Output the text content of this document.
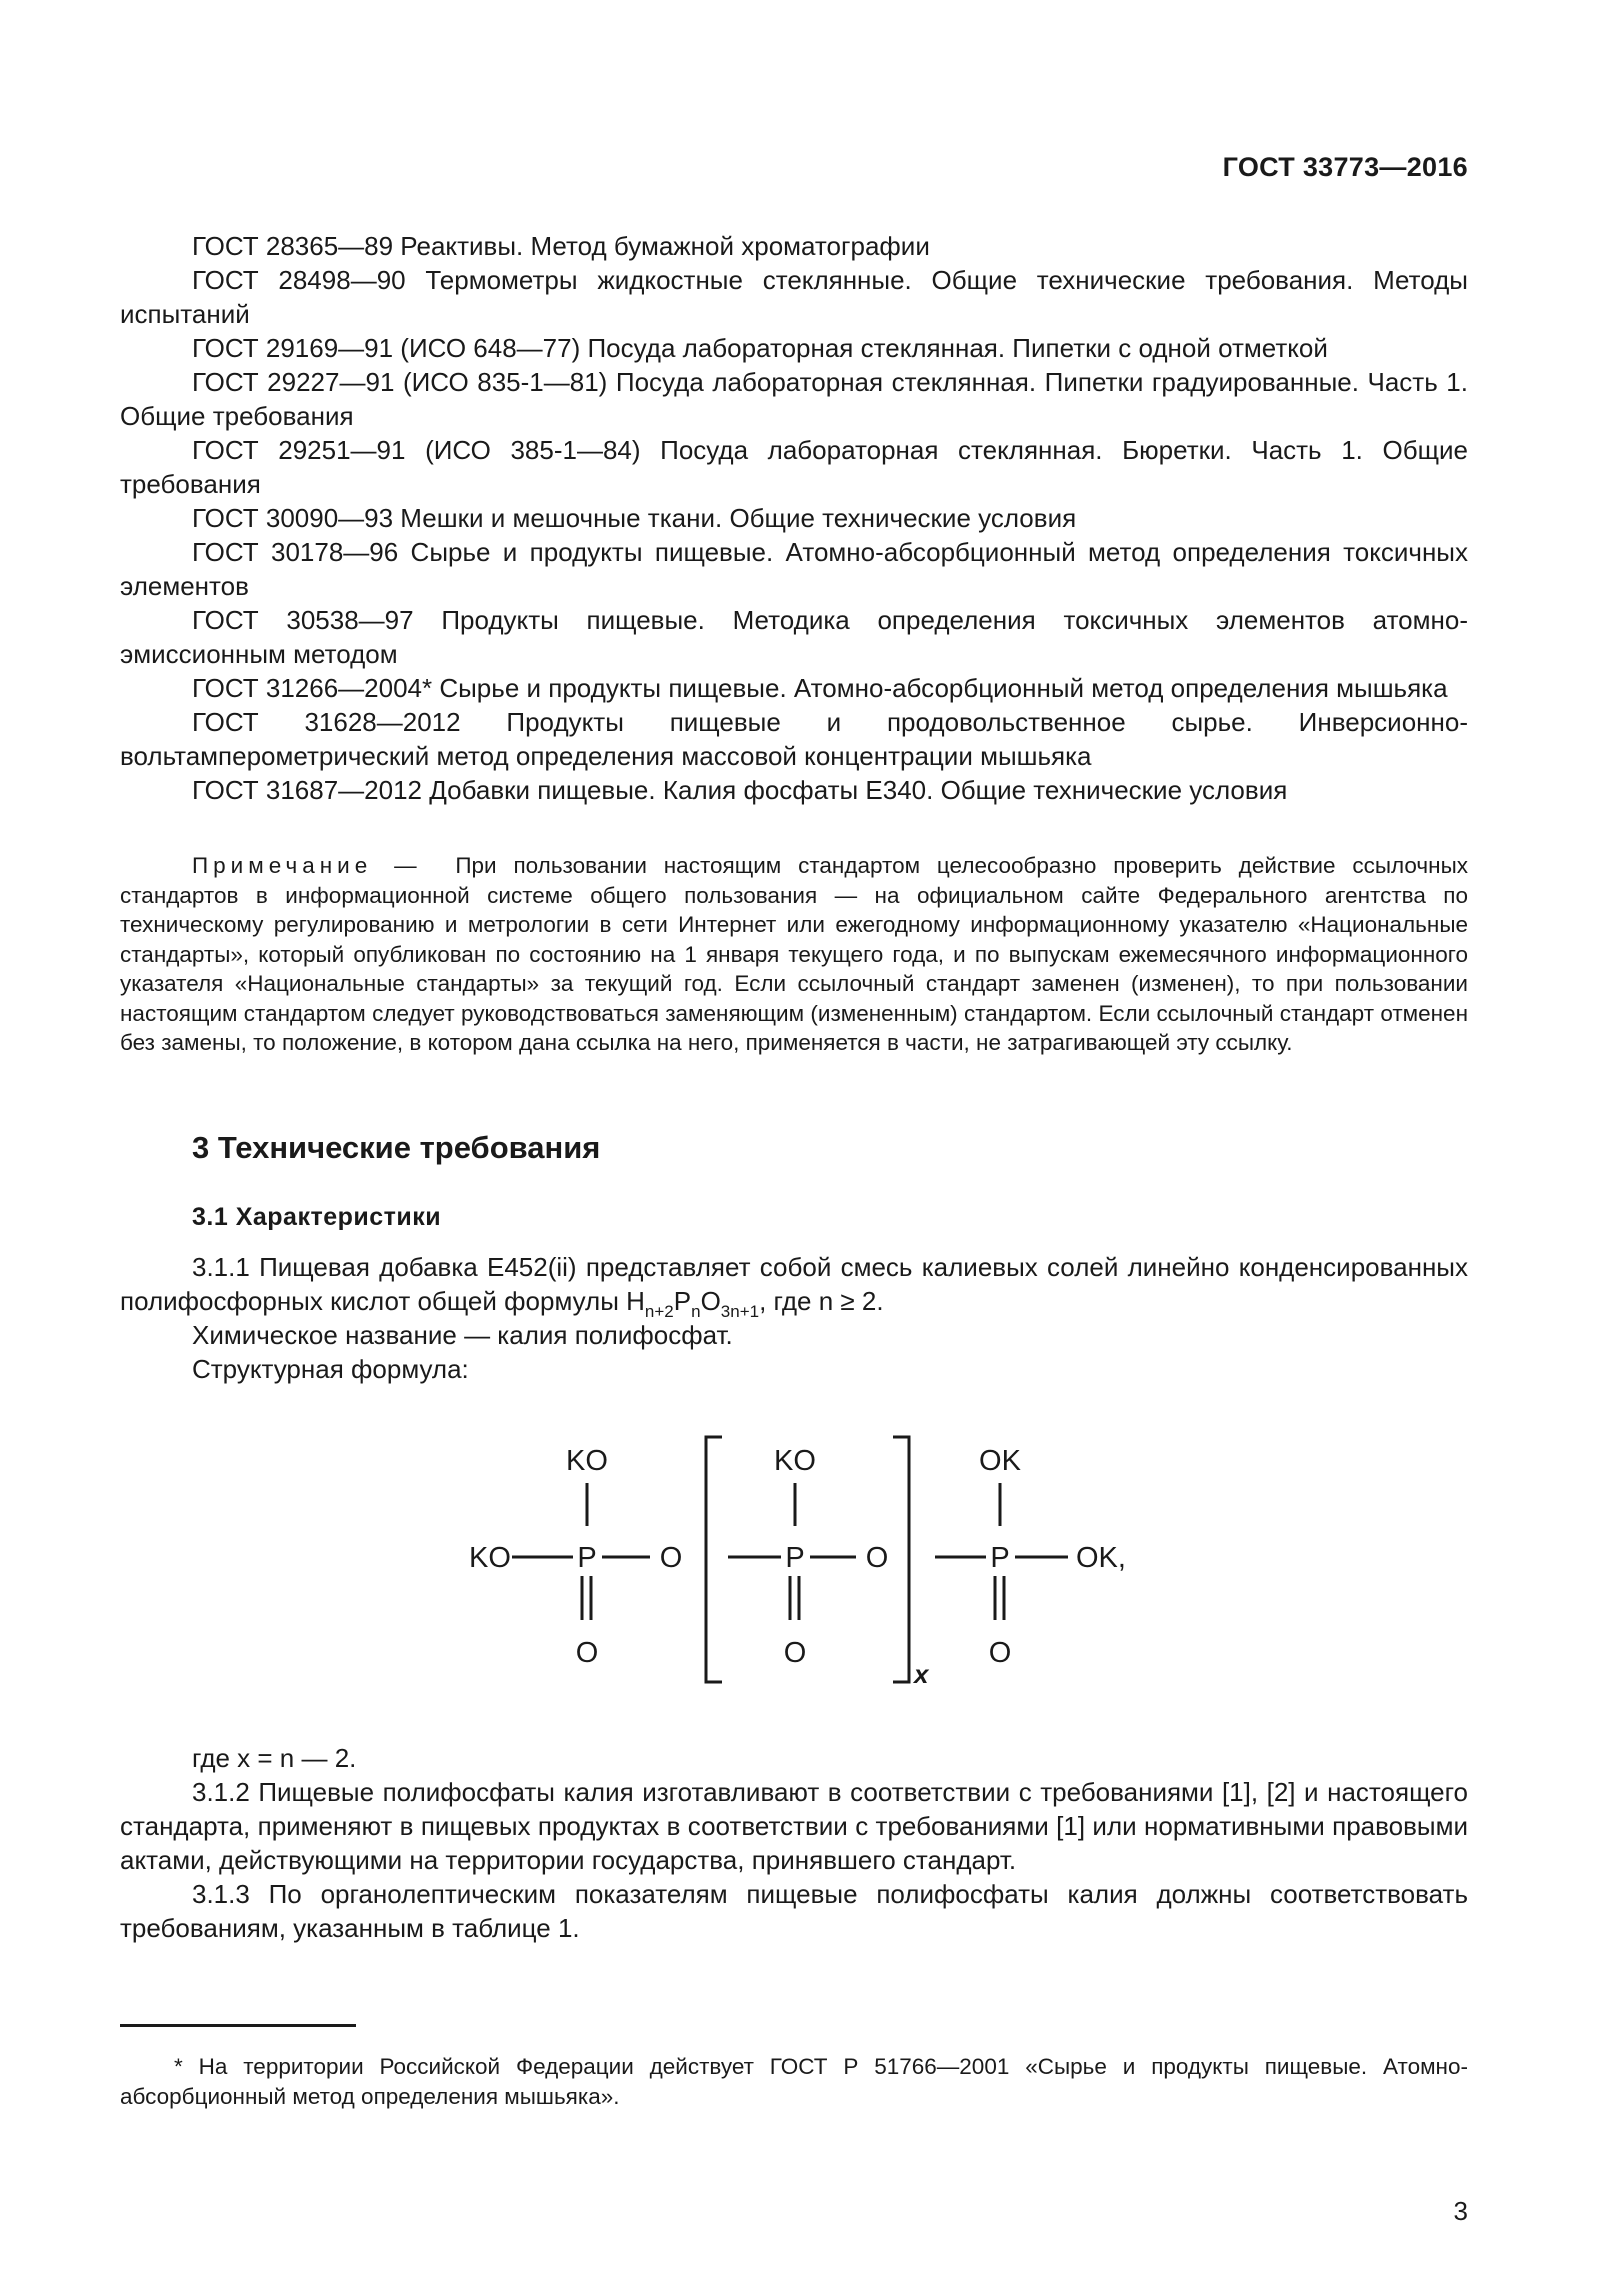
ГОСТ 33773—2016

ГОСТ 28365—89 Реактивы. Метод бумажной хроматографии

ГОСТ 28498—90 Термометры жидкостные стеклянные. Общие технические требования. Методы испытаний

ГОСТ 29169—91 (ИСО 648—77) Посуда лабораторная стеклянная. Пипетки с одной отметкой

ГОСТ 29227—91 (ИСО 835-1—81) Посуда лабораторная стеклянная. Пипетки градуированные. Часть 1. Общие требования

ГОСТ 29251—91 (ИСО 385-1—84) Посуда лабораторная стеклянная. Бюретки. Часть 1. Общие требования

ГОСТ 30090—93 Мешки и мешочные ткани. Общие технические условия

ГОСТ 30178—96 Сырье и продукты пищевые. Атомно-абсорбционный метод определения токсичных элементов

ГОСТ 30538—97 Продукты пищевые. Методика определения токсичных элементов атомно-эмиссионным методом

ГОСТ 31266—2004* Сырье и продукты пищевые. Атомно-абсорбционный метод определения мышьяка

ГОСТ 31628—2012 Продукты пищевые и продовольственное сырье. Инверсионно-вольтамперометрический метод определения массовой концентрации мышьяка

ГОСТ 31687—2012 Добавки пищевые. Калия фосфаты Е340. Общие технические условия

Примечание — При пользовании настоящим стандартом целесообразно проверить действие ссылочных стандартов в информационной системе общего пользования — на официальном сайте Федерального агентства по техническому регулированию и метрологии в сети Интернет или ежегодному информационному указателю «Национальные стандарты», который опубликован по состоянию на 1 января текущего года, и по выпускам ежемесячного информационного указателя «Национальные стандарты» за текущий год. Если ссылочный стандарт заменен (изменен), то при пользовании настоящим стандартом следует руководствоваться заменяющим (измененным) стандартом. Если ссылочный стандарт отменен без замены, то положение, в котором дана ссылка на него, применяется в части, не затрагивающей эту ссылку.

3 Технические требования
3.1 Характеристики

3.1.1 Пищевая добавка Е452(ii) представляет собой смесь калиевых солей линейно конденсированных полифосфорных кислот общей формулы $H_{n+2}P_nO_{3n+1}$, где n ≥ 2.

Химическое название — калия полифосфат.

Структурная формула:

KO
KO P O
O
KO
P O
O
OK
P OK,
O
x

где x = n — 2.

3.1.2 Пищевые полифосфаты калия изготавливают в соответствии с требованиями [1], [2] и настоящего стандарта, применяют в пищевых продуктах в соответствии с требованиями [1] или нормативными правовыми актами, действующими на территории государства, принявшего стандарт.

3.1.3 По органолептическим показателям пищевые полифосфаты калия должны соответствовать требованиям, указанным в таблице 1.

* На территории Российской Федерации действует ГОСТ Р 51766—2001 «Сырье и продукты пищевые. Атомно-абсорбционный метод определения мышьяка».
3
